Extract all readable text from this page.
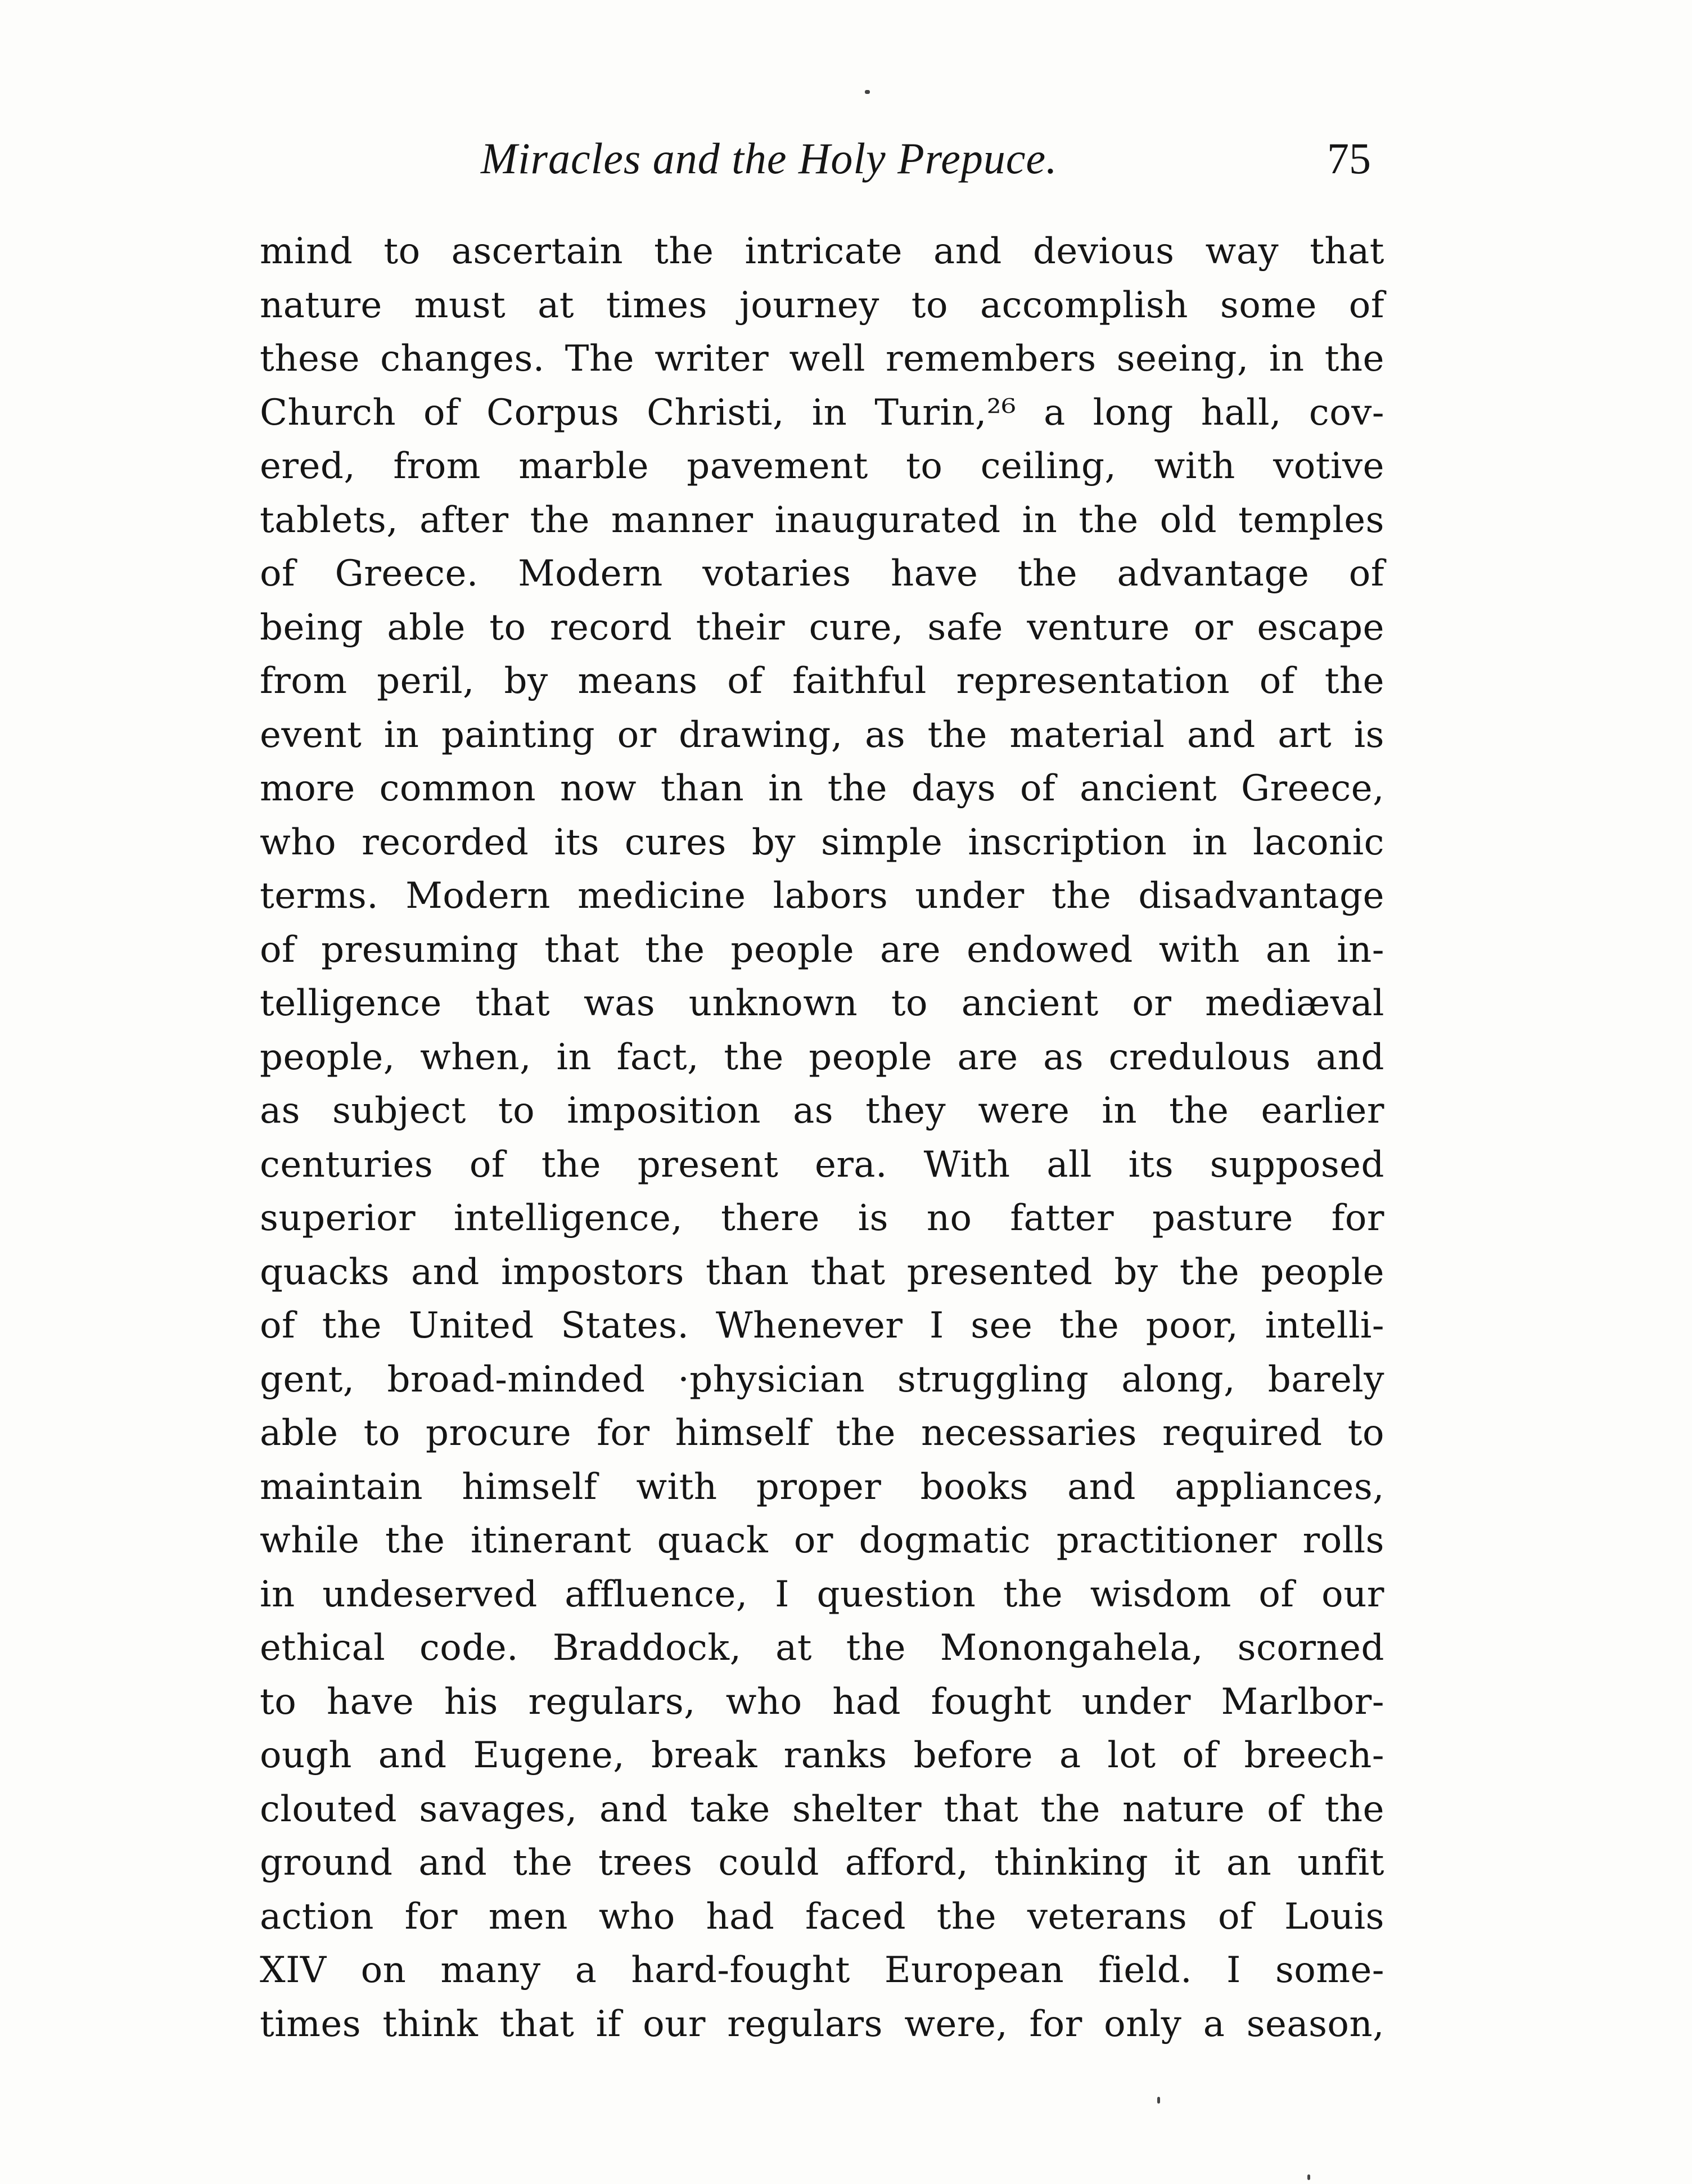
Miracles and the Holy Prepuce.	75
mind to ascertain the intricate and devious way that
nature must at times journey to accomplish some of
these changes. The writer well remembers seeing, in the
Church of Corpus Christi, in Turin,²⁶ a long hall, cov-
ered, from marble pavement to ceiling, with votive
tablets, after the manner inaugurated in the old temples
of Greece. Modern votaries have the advantage of
being able to record their cure, safe venture or escape
from peril, by means of faithful representation of the
event in painting or drawing, as the material and art is
more common now than in the days of ancient Greece,
who recorded its cures by simple inscription in laconic
terms. Modern medicine labors under the disadvantage
of presuming that the people are endowed with an in-
telligence that was unknown to ancient or mediæval
people, when, in fact, the people are as credulous and
as subject to imposition as they were in the earlier
centuries of the present era. With all its supposed
superior intelligence, there is no fatter pasture for
quacks and impostors than that presented by the people
of the United States. Whenever I see the poor, intelli-
gent, broad-minded ·physician struggling along, barely
able to procure for himself the necessaries required to
maintain himself with proper books and appliances,
while the itinerant quack or dogmatic practitioner rolls
in undeserved affluence, I question the wisdom of our
ethical code. Braddock, at the Monongahela, scorned
to have his regulars, who had fought under Marlbor-
ough and Eugene, break ranks before a lot of breech-
clouted savages, and take shelter that the nature of the
ground and the trees could afford, thinking it an unfit
action for men who had faced the veterans of Louis
XIV on many a hard-fought European field. I some-
times think that if our regulars were, for only a season,
